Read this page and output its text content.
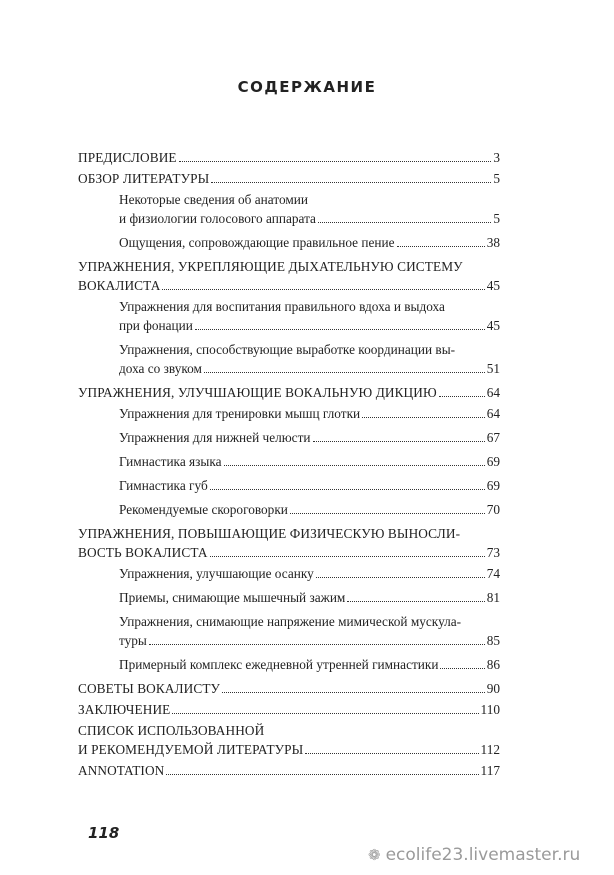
СОДЕРЖАНИЕ
ПРЕДИСЛОВИЕ	3
ОБЗОР ЛИТЕРАТУРЫ	5
Некоторые сведения об анатомии
и физиологии голосового аппарата	5
Ощущения, сопровождающие правильное пение	38
УПРАЖНЕНИЯ, УКРЕПЛЯЮЩИЕ ДЫХАТЕЛЬНУЮ СИСТЕМУ
ВОКАЛИСТА	45
Упражнения для воспитания правильного вдоха и выдоха
при фонации	45
Упражнения, способствующие выработке координации вы-
доха со звуком	51
УПРАЖНЕНИЯ, УЛУЧШАЮЩИЕ ВОКАЛЬНУЮ ДИКЦИЮ	64
Упражнения для тренировки мышц глотки	64
Упражнения для нижней челюсти	67
Гимнастика языка	69
Гимнастика губ	69
Рекомендуемые скороговорки	70
УПРАЖНЕНИЯ, ПОВЫШАЮЩИЕ ФИЗИЧЕСКУЮ ВЫНОСЛИ-
ВОСТЬ ВОКАЛИСТА	73
Упражнения, улучшающие осанку	74
Приемы, снимающие мышечный зажим	81
Упражнения, снимающие напряжение мимической мускула-
туры	85
Примерный комплекс ежедневной утренней гимнастики	86
СОВЕТЫ ВОКАЛИСТУ	90
ЗАКЛЮЧЕНИЕ	110
СПИСОК ИСПОЛЬЗОВАННОЙ
И РЕКОМЕНДУЕМОЙ ЛИТЕРАТУРЫ	112
ANNOTATION	117
118
❁ ecolife23.livemaster.ru
